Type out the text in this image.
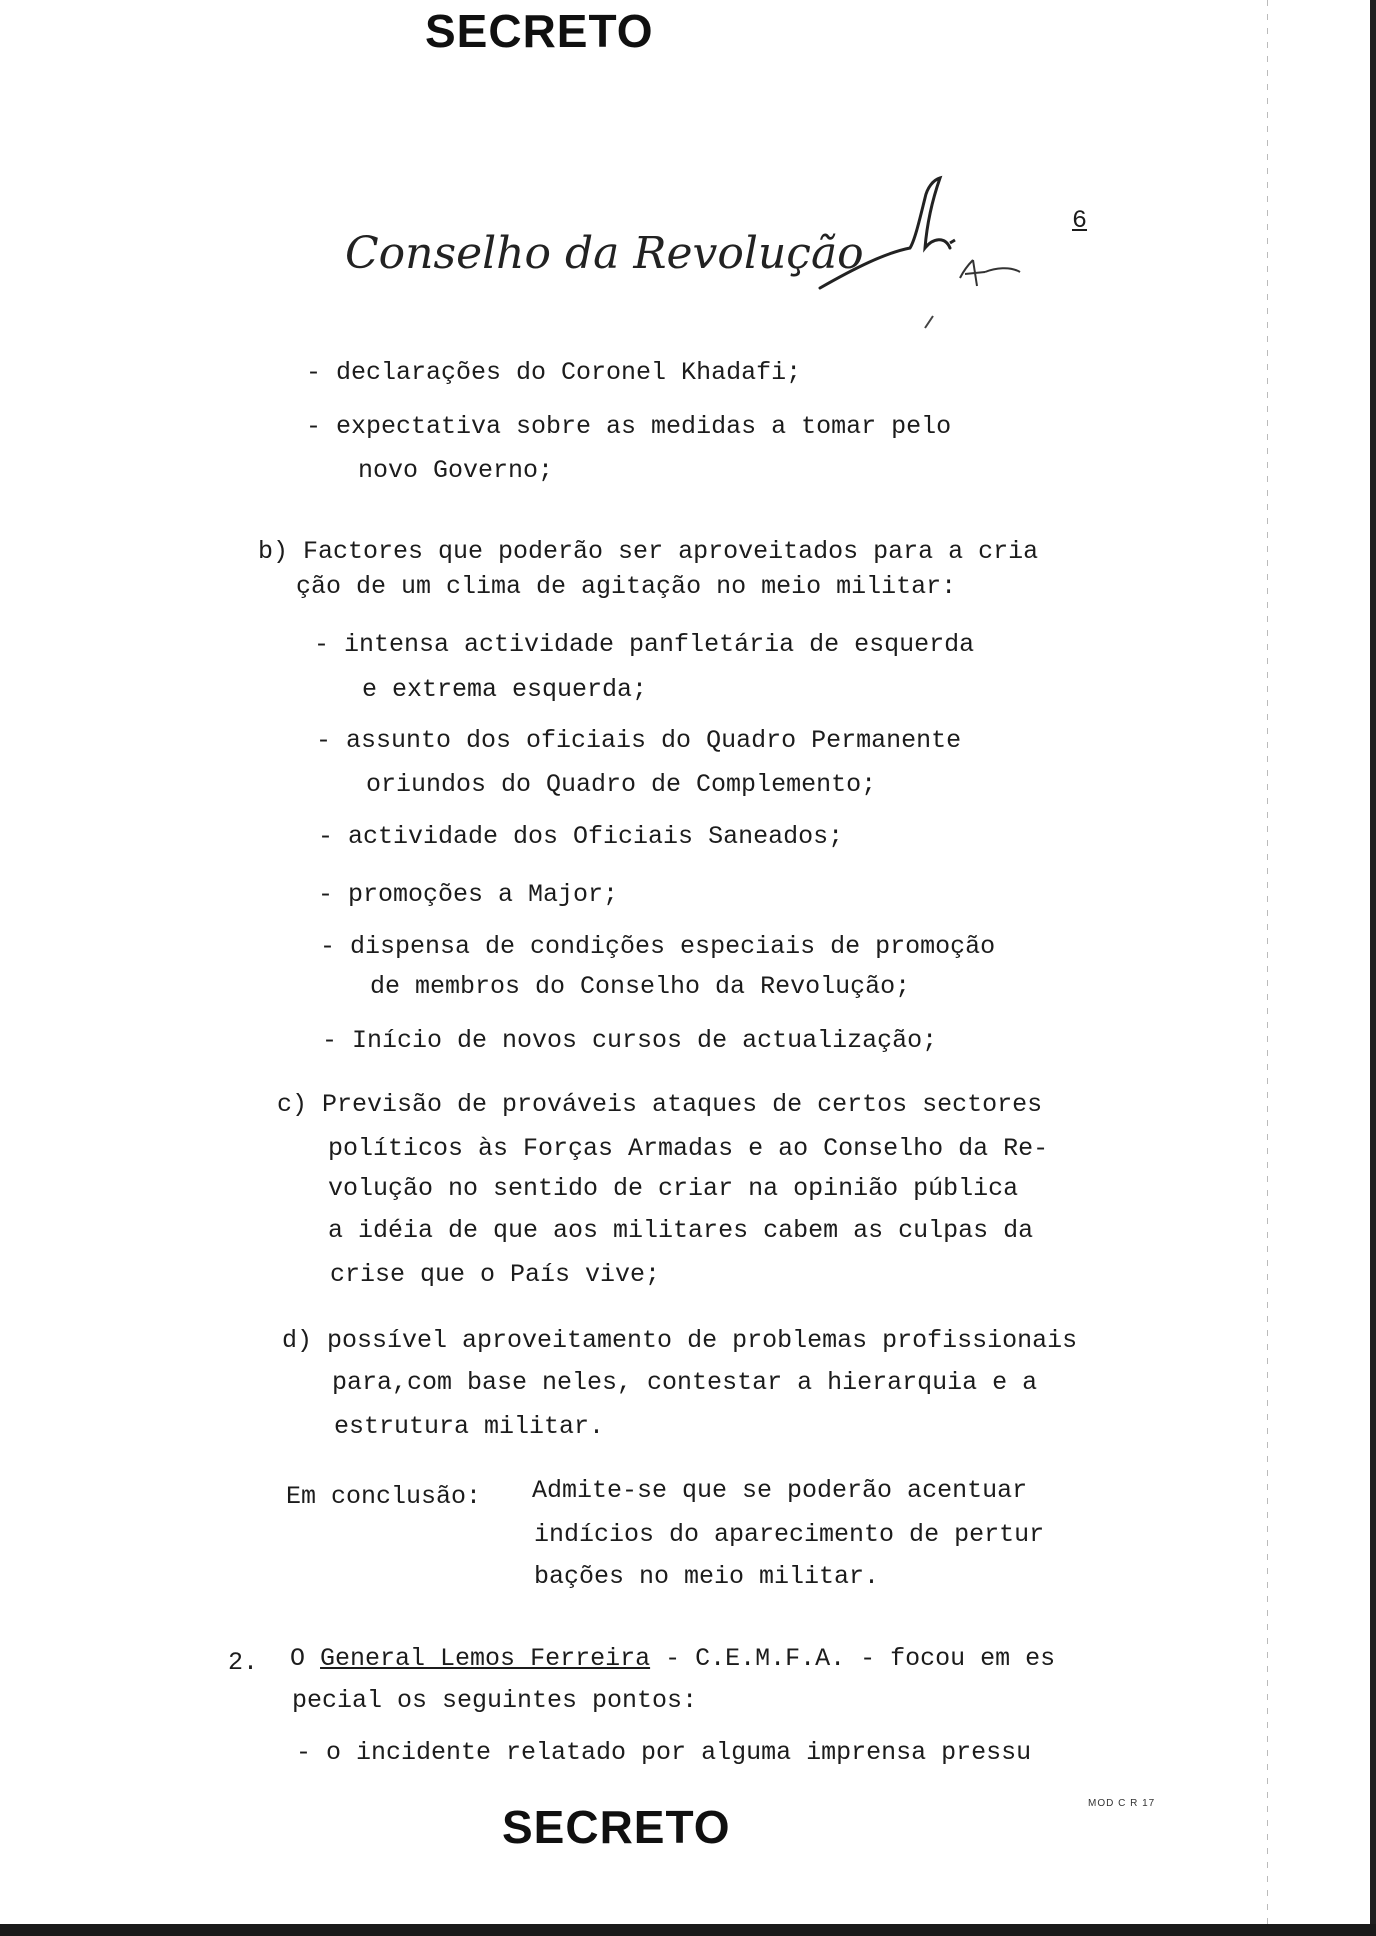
SECRETO
Conselho da Revolução
6
- declarações do Coronel Khadafi;
- expectativa sobre as medidas a tomar pelo
novo Governo;
b) Factores que poderão ser aproveitados para a cria
ção de um clima de agitação no meio militar:
- intensa actividade panfletária de esquerda
e extrema esquerda;
- assunto dos oficiais do Quadro Permanente
oriundos do Quadro de Complemento;
- actividade dos Oficiais Saneados;
- promoções a Major;
- dispensa de condições especiais de promoção
de membros do Conselho da Revolução;
- Início de novos cursos de actualização;
c) Previsão de prováveis ataques de certos sectores
políticos às Forças Armadas e ao Conselho da Re-
volução no sentido de criar na opinião pública
a idéia de que aos militares cabem as culpas da
crise que o País vive;
d) possível aproveitamento de problemas profissionais
para,com base neles, contestar a hierarquia e a
estrutura militar.
Em conclusão: Admite-se que se poderão acentuar
indícios do aparecimento de pertur
bações no meio militar.
2. O General Lemos Ferreira - C.E.M.F.A. - focou em es
pecial os seguintes pontos:
- o incidente relatado por alguma imprensa pressu
SECRETO	MOD C R 17
